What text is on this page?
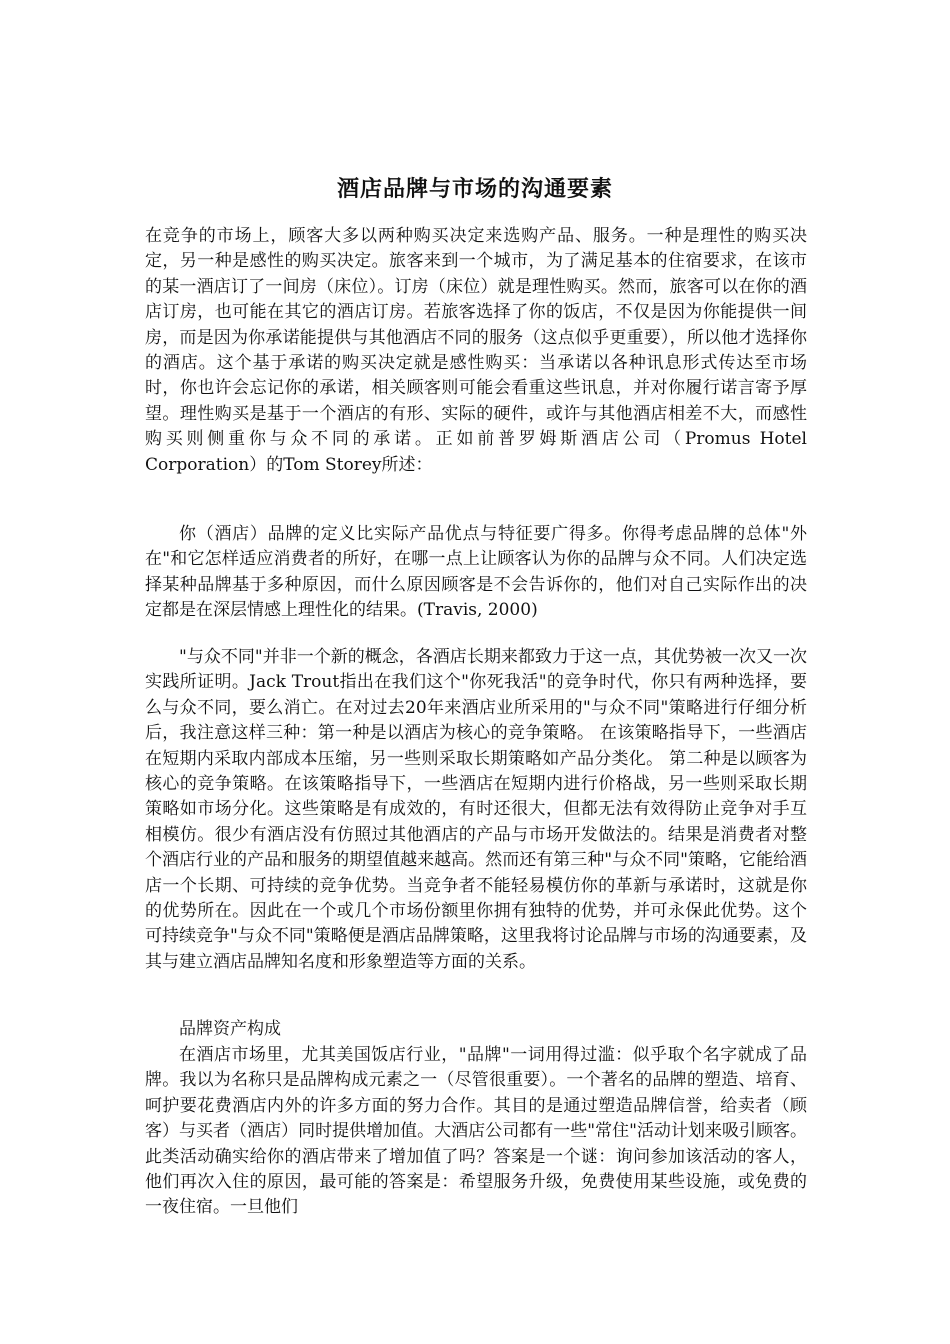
酒店品牌与市场的沟通要素

在竞争的市场上，顾客大多以两种购买决定来选购产品、服务。一种是理性的购买决定，另一种是感性的购买决定。旅客来到一个城市，为了满足基本的住宿要求，在该市的某一酒店订了一间房（床位）。订房（床位）就是理性购买。然而，旅客可以在你的酒店订房，也可能在其它的酒店订房。若旅客选择了你的饭店，不仅是因为你能提供一间房，而是因为你承诺能提供与其他酒店不同的服务（这点似乎更重要），所以他才选择你的酒店。这个基于承诺的购买决定就是感性购买：当承诺以各种讯息形式传达至市场时，你也许会忘记你的承诺，相关顾客则可能会看重这些讯息，并对你履行诺言寄予厚望。理性购买是基于一个酒店的有形、实际的硬件，或许与其他酒店相差不大，而感性购买则侧重你与众不同的承诺。正如前普罗姆斯酒店公司（Promus Hotel Corporation）的Tom Storey所述：

你（酒店）品牌的定义比实际产品优点与特征要广得多。你得考虑品牌的总体"外在"和它怎样适应消费者的所好，在哪一点上让顾客认为你的品牌与众不同。人们决定选择某种品牌基于多种原因，而什么原因顾客是不会告诉你的，他们对自己实际作出的决定都是在深层情感上理性化的结果。(Travis, 2000)

"与众不同"并非一个新的概念，各酒店长期来都致力于这一点，其优势被一次又一次实践所证明。Jack Trout指出在我们这个"你死我活"的竞争时代，你只有两种选择，要么与众不同，要么消亡。在对过去20年来酒店业所采用的"与众不同"策略进行仔细分析后，我注意这样三种：第一种是以酒店为核心的竞争策略。 在该策略指导下，一些酒店在短期内采取内部成本压缩，另一些则采取长期策略如产品分类化。 第二种是以顾客为核心的竞争策略。在该策略指导下，一些酒店在短期内进行价格战，另一些则采取长期策略如市场分化。这些策略是有成效的，有时还很大，但都无法有效得防止竞争对手互相模仿。很少有酒店没有仿照过其他酒店的产品与市场开发做法的。结果是消费者对整个酒店行业的产品和服务的期望值越来越高。然而还有第三种"与众不同"策略，它能给酒店一个长期、可持续的竞争优势。当竞争者不能轻易模仿你的革新与承诺时，这就是你的优势所在。因此在一个或几个市场份额里你拥有独特的优势，并可永保此优势。这个可持续竞争"与众不同"策略便是酒店品牌策略，这里我将讨论品牌与市场的沟通要素，及其与建立酒店品牌知名度和形象塑造等方面的关系。

品牌资产构成

在酒店市场里，尤其美国饭店行业，"品牌"一词用得过滥：似乎取个名字就成了品牌。我以为名称只是品牌构成元素之一（尽管很重要）。一个著名的品牌的塑造、培育、呵护要花费酒店内外的许多方面的努力合作。其目的是通过塑造品牌信誉，给卖者（顾客）与买者（酒店）同时提供增加值。大酒店公司都有一些"常住"活动计划来吸引顾客。此类活动确实给你的酒店带来了增加值了吗？答案是一个谜：询问参加该活动的客人，他们再次入住的原因，最可能的答案是：希望服务升级，免费使用某些设施，或免费的一夜住宿。一旦他们
